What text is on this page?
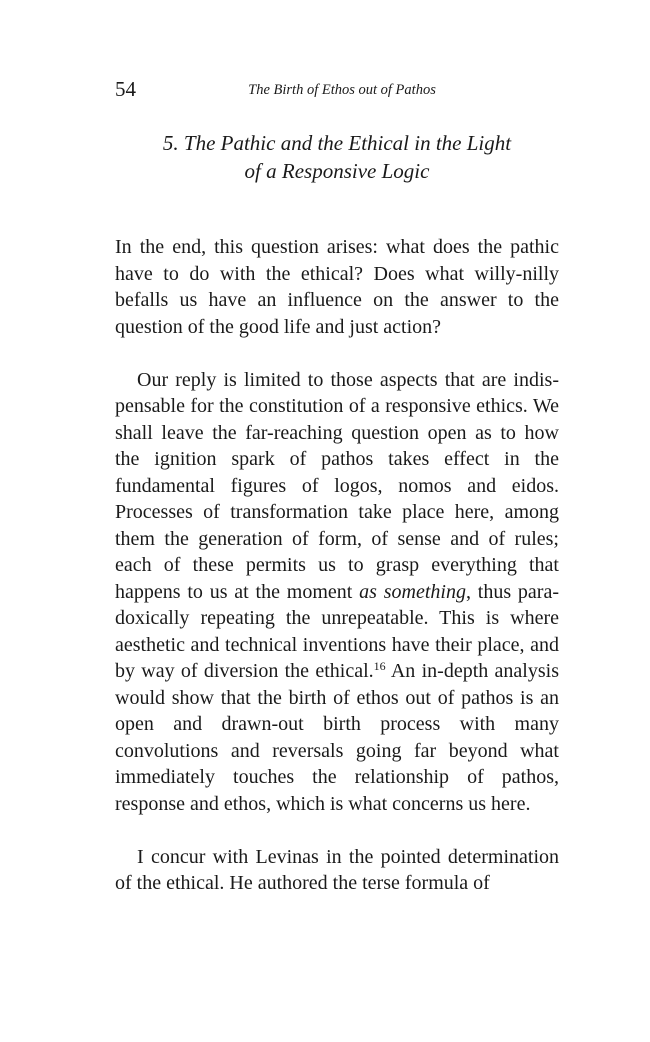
54	The Birth of Ethos out of Pathos
5. The Pathic and the Ethical in the Light
of a Responsive Logic

In the end, this question arises: what does the pathic have to do with the ethical? Does what willy-nilly befalls us have an influence on the answer to the question of the good life and just action?

Our reply is limited to those aspects that are indispensable for the constitution of a responsive ethics. We shall leave the far-reaching question open as to how the ignition spark of pathos takes effect in the fundamental figures of logos, nomos and eidos. Processes of transformation take place here, among them the generation of form, of sense and of rules; each of these permits us to grasp everything that happens to us at the moment as something, thus paradoxically repeating the unrepeatable. This is where aesthetic and technical inventions have their place, and by way of diversion the ethical.$^{16}$ An in-depth analysis would show that the birth of ethos out of pathos is an open and drawn-out birth process with many convolutions and reversals going far beyond what immediately touches the relationship of pathos, response and ethos, which is what concerns us here.

I concur with Levinas in the pointed determination of the ethical. He authored the terse formula of
